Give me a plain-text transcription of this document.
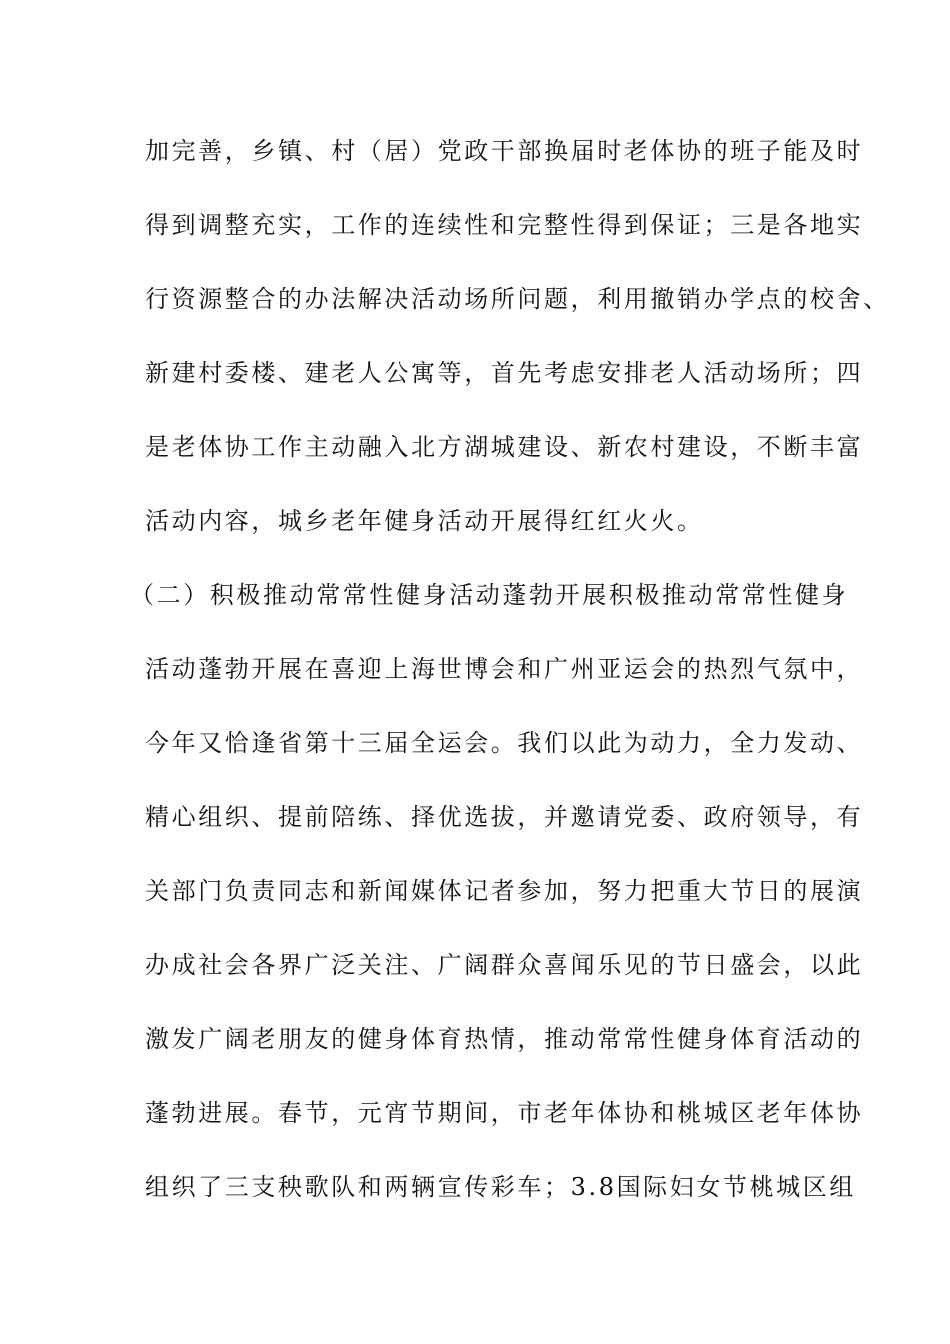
加完善，乡镇、村（居）党政干部换届时老体协的班子能及时
得到调整充实，工作的连续性和完整性得到保证；三是各地实
行资源整合的办法解决活动场所问题，利用撤销办学点的校舍、
新建村委楼、建老人公寓等，首先考虑安排老人活动场所；四
是老体协工作主动融入北方湖城建设、新农村建设，不断丰富
活动内容，城乡老年健身活动开展得红红火火。
（二）积极推动常常性健身活动蓬勃开展积极推动常常性健身
活动蓬勃开展在喜迎上海世博会和广州亚运会的热烈气氛中，
今年又恰逢省第十三届全运会。我们以此为动力，全力发动、
精心组织、提前陪练、择优选拔，并邀请党委、政府领导，有
关部门负责同志和新闻媒体记者参加，努力把重大节日的展演
办成社会各界广泛关注、广阔群众喜闻乐见的节日盛会，以此
激发广阔老朋友的健身体育热情，推动常常性健身体育活动的
蓬勃进展。春节，元宵节期间，市老年体协和桃城区老年体协
组织了三支秧歌队和两辆宣传彩车；3.8国际妇女节桃城区组
